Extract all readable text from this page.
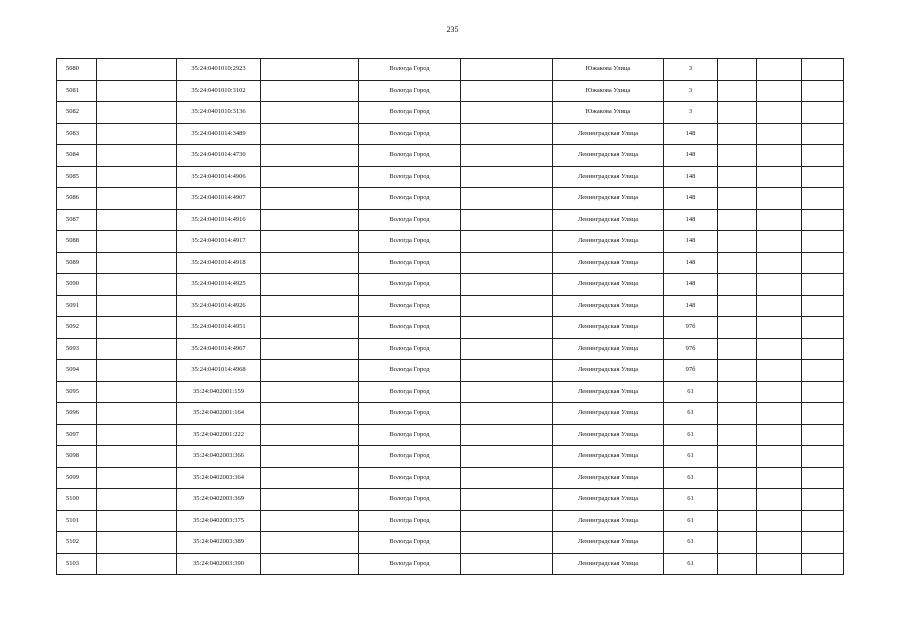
235
5080		35:24:0401010:2923		Вологда Город		Южакова Улица	3			
5081		35:24:0401010:3102		Вологда Город		Южакова Улица	3			
5082		35:24:0401010:3136		Вологда Город		Южакова Улица	3			
5083		35:24:0401014:3489		Вологда Город		Ленинградская Улица	148			
5084		35:24:0401014:4730		Вологда Город		Ленинградская Улица	148			
5085		35:24:0401014:4906		Вологда Город		Ленинградская Улица	148			
5086		35:24:0401014:4907		Вологда Город		Ленинградская Улица	148			
5087		35:24:0401014:4916		Вологда Город		Ленинградская Улица	148			
5088		35:24:0401014:4917		Вологда Город		Ленинградская Улица	148			
5089		35:24:0401014:4918		Вологда Город		Ленинградская Улица	148			
5090		35:24:0401014:4925		Вологда Город		Ленинградская Улица	148			
5091		35:24:0401014:4926		Вологда Город		Ленинградская Улица	148			
5092		35:24:0401014:4951		Вологда Город		Ленинградская Улица	97б			
5093		35:24:0401014:4967		Вологда Город		Ленинградская Улица	97б			
5094		35:24:0401014:4968		Вологда Город		Ленинградская Улица	97б			
5095		35:24:0402001:159		Вологда Город		Ленинградская Улица	61			
5096		35:24:0402001:164		Вологда Город		Ленинградская Улица	61			
5097		35:24:0402001:222		Вологда Город		Ленинградская Улица	61			
5098		35:24:0402003:366		Вологда Город		Ленинградская Улица	61			
5099		35:24:0402003:364		Вологда Город		Ленинградская Улица	61			
5100		35:24:0402003:369		Вологда Город		Ленинградская Улица	61			
5101		35:24:0402003:375		Вологда Город		Ленинградская Улица	61			
5102		35:24:0402003:389		Вологда Город		Ленинградская Улица	61			
5103		35:24:0402003:390		Вологда Город		Ленинградская Улица	61			
